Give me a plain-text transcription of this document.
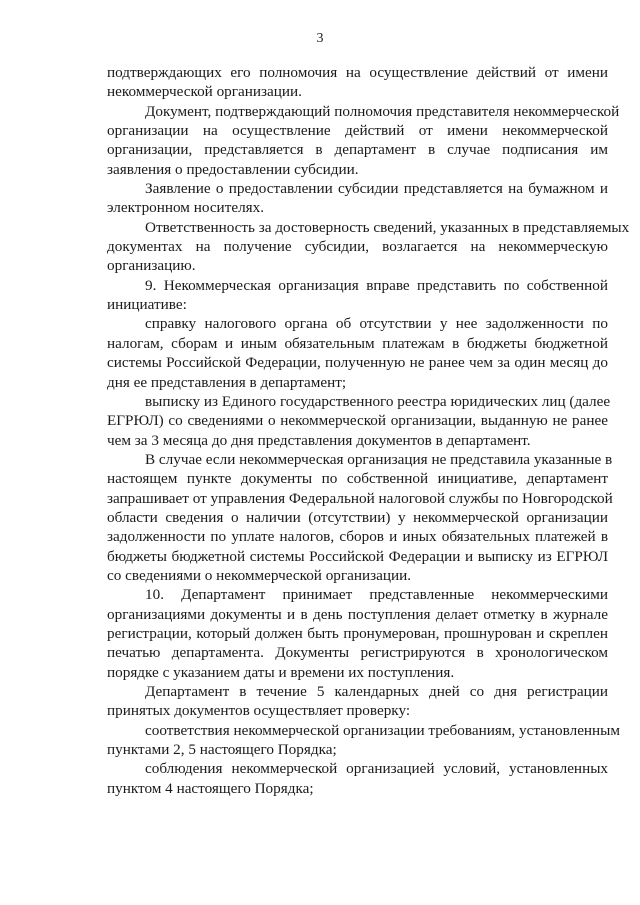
3

подтверждающих его полномочия на осуществление действий от имени

некоммерческой организации.

Документ, подтверждающий полномочия представителя некоммерческой

организации на осуществление действий от имени некоммерческой

организации, представляется в департамент в случае подписания им

заявления о предоставлении субсидии.

Заявление о предоставлении субсидии представляется на бумажном и

электронном носителях.

Ответственность за достоверность сведений, указанных в представляемых

документах на получение субсидии, возлагается на некоммерческую

организацию.

9. Некоммерческая организация вправе представить по собственной

инициативе:

справку налогового органа об отсутствии у нее задолженности по

налогам, сборам и иным обязательным платежам в бюджеты бюджетной

системы Российской Федерации, полученную не ранее чем за один месяц до

дня ее представления в департамент;

выписку из Единого государственного реестра юридических лиц (далее

ЕГРЮЛ) со сведениями о некоммерческой организации, выданную не ранее

чем за 3 месяца до дня представления документов в департамент.

В случае если некоммерческая организация не представила указанные в

настоящем пункте документы по собственной инициативе, департамент

запрашивает от управления Федеральной налоговой службы по Новгородской

области сведения о наличии (отсутствии) у некоммерческой организации

задолженности по уплате налогов, сборов и иных обязательных платежей в

бюджеты бюджетной системы Российской Федерации и выписку из ЕГРЮЛ

со сведениями о некоммерческой организации.

10. Департамент принимает представленные некоммерческими

организациями документы и в день поступления делает отметку в журнале

регистрации, который должен быть пронумерован, прошнурован и скреплен

печатью департамента. Документы регистрируются в хронологическом

порядке с указанием даты и времени их поступления.

Департамент в течение 5 календарных дней со дня регистрации

принятых документов осуществляет проверку:

соответствия некоммерческой организации требованиям, установленным

пунктами 2, 5 настоящего Порядка;

соблюдения некоммерческой организацией условий, установленных

пунктом 4 настоящего Порядка;
